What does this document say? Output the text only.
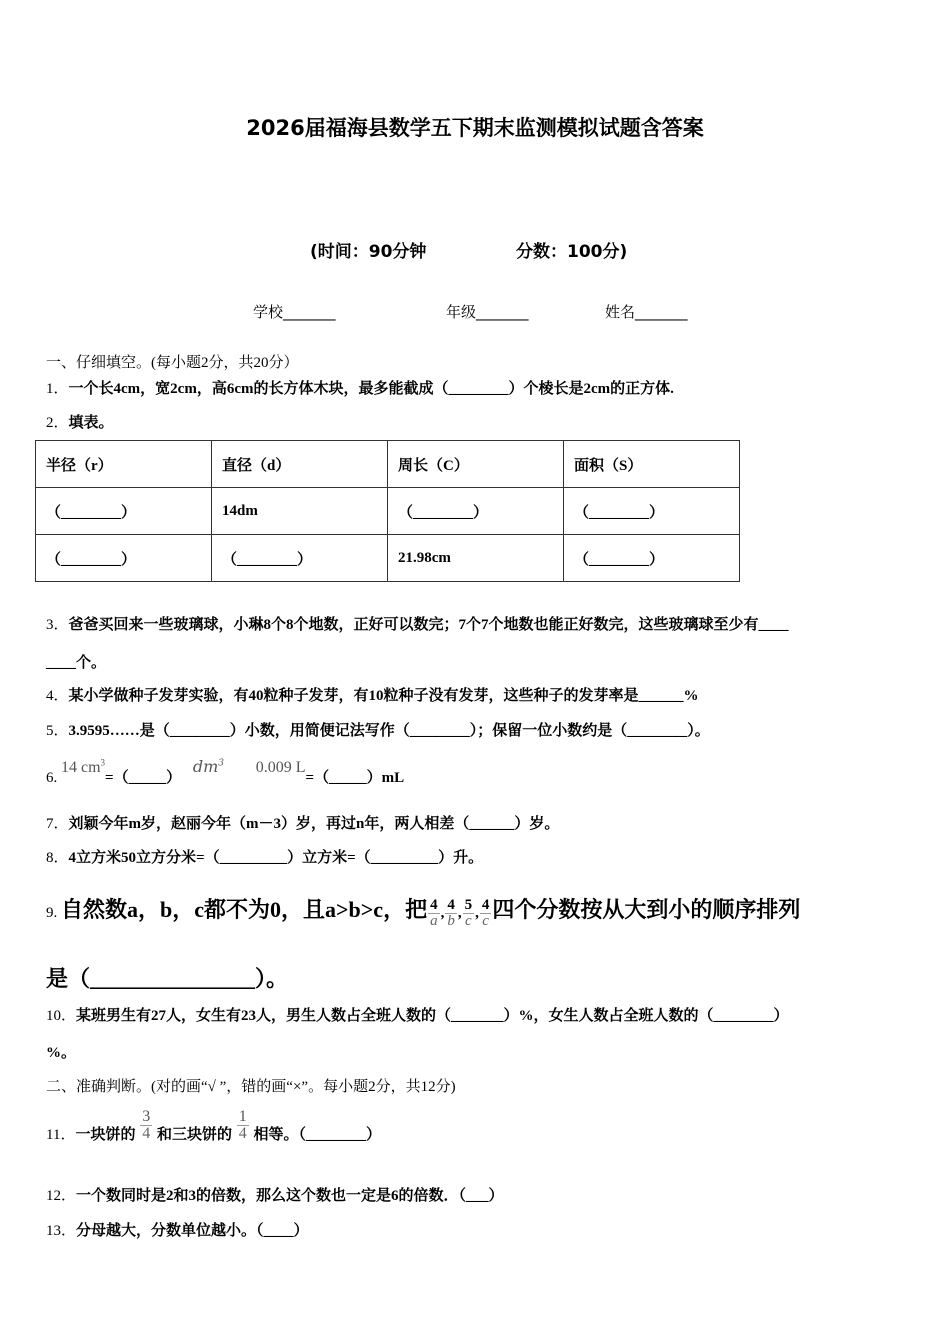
2026届福海县数学五下期末监测模拟试题含答案
(时间：90分钟	分数：100分)
学校_______	年级_______	姓名_______
一、仔细填空。(每小题2分，共20分）
1．一个长4cm，宽2cm，高6cm的长方体木块，最多能截成（________）个棱长是2cm的正方体.
2．填表。
半径（r）	直径（d）	周长（C）	面积（S）
（________）	14dm	（________）	（________）
（________）	（________）	21.98cm	（________）
3．爸爸买回来一些玻璃球，小琳8个8个地数，正好可以数完；7个7个地数也能正好数完，这些玻璃球至少有____
____个。
4．某小学做种子发芽实验，有40粒种子发芽，有10粒种子没有发芽，这些种子的发芽率是______%
5．3.9595……是（________）小数，用简便记法写作（________）；保留一位小数约是（________）。
6. 14 $cm^3=(\_\_\_\_\_)$ $dm^3$ 0.009 L=（_____）mL
7．刘颖今年m岁，赵丽今年（m－3）岁，再过n年，两人相差（______）岁。
8．4立方米50立方分米=（_________）立方米=（_________）升。
9. 自然数a，b，c都不为0，且a>b>c，把 $\frac{4}{a}$ , $\frac{4}{b}$ , $\frac{5}{c}$ , $\frac{4}{c}$ 四个分数按从大到小的顺序排列
是（_______________）。
10．某班男生有27人，女生有23人，男生人数占全班人数的（_______）%，女生人数占全班人数的（________）
%。
二、准确判断。(对的画“√ ”，错的画“×”。每小题2分，共12分)
11．一块饼的 $\frac{3}{4}$ 和三块饼的 $\frac{1}{4}$ 相等。（________）
12．一个数同时是2和3的倍数，那么这个数也一定是6的倍数．（___）
13．分母越大，分数单位越小。（____）
